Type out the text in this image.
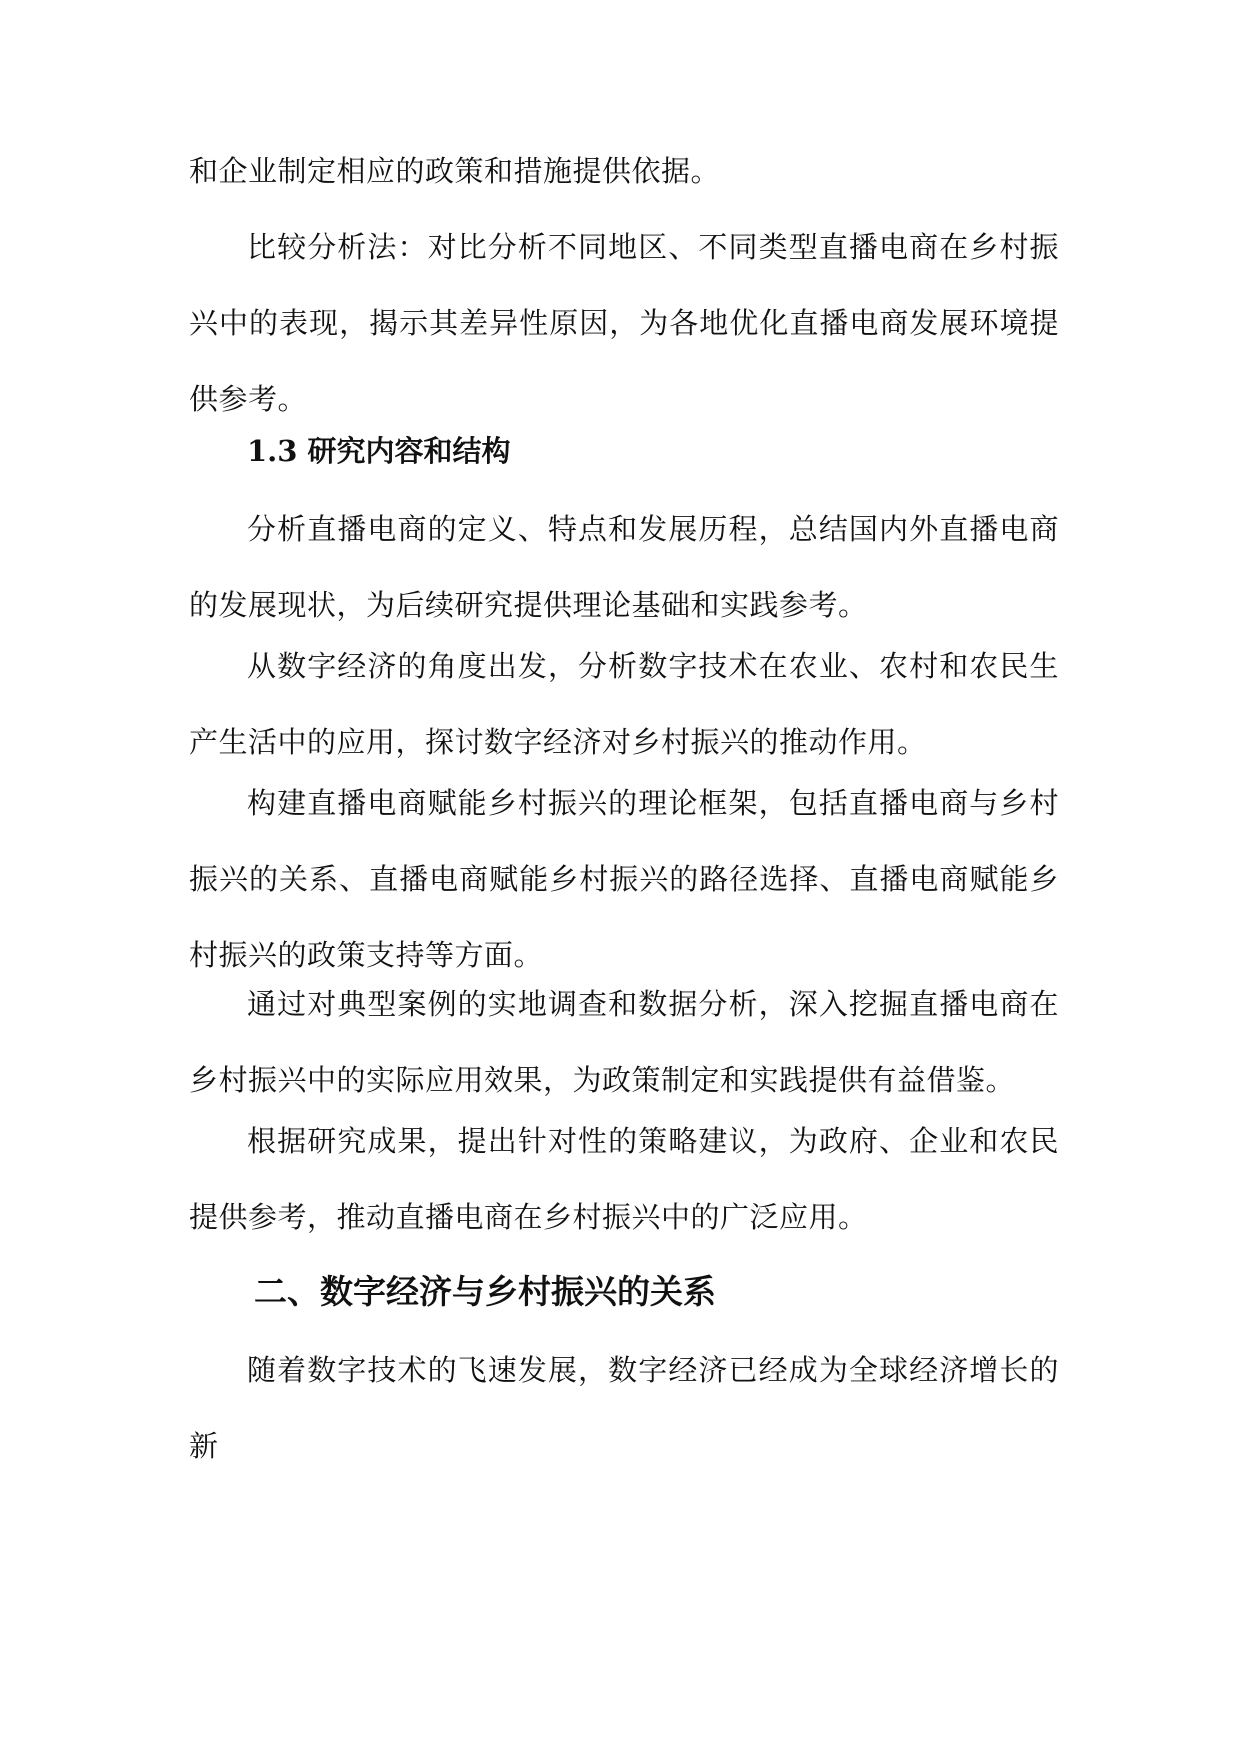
和企业制定相应的政策和措施提供依据。

比较分析法：对比分析不同地区、不同类型直播电商在乡村振兴中的表现，揭示其差异性原因，为各地优化直播电商发展环境提供参考。

1.3 研究内容和结构

分析直播电商的定义、特点和发展历程，总结国内外直播电商的发展现状，为后续研究提供理论基础和实践参考。

从数字经济的角度出发，分析数字技术在农业、农村和农民生产生活中的应用，探讨数字经济对乡村振兴的推动作用。

构建直播电商赋能乡村振兴的理论框架，包括直播电商与乡村振兴的关系、直播电商赋能乡村振兴的路径选择、直播电商赋能乡村振兴的政策支持等方面。

通过对典型案例的实地调查和数据分析，深入挖掘直播电商在乡村振兴中的实际应用效果，为政策制定和实践提供有益借鉴。

根据研究成果，提出针对性的策略建议，为政府、企业和农民提供参考，推动直播电商在乡村振兴中的广泛应用。

二、数字经济与乡村振兴的关系

随着数字技术的飞速发展，数字经济已经成为全球经济增长的新
